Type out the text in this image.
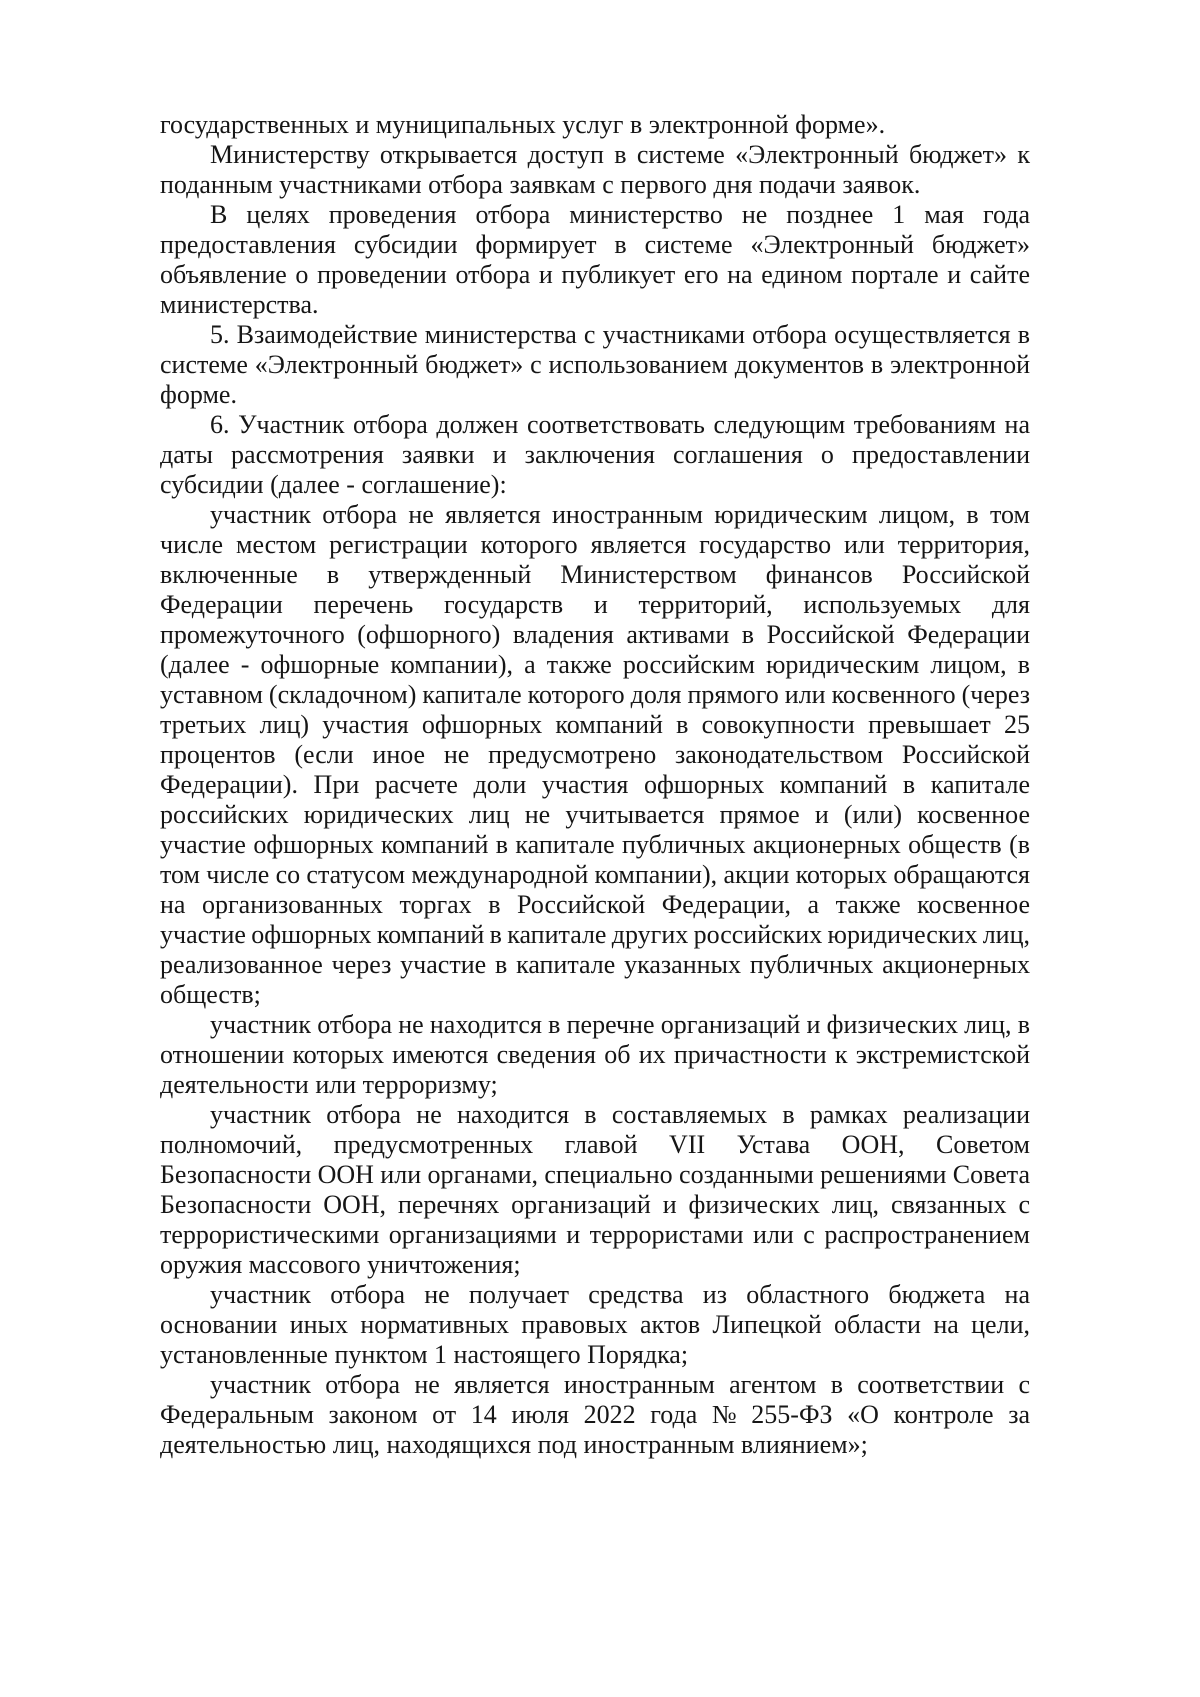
государственных и муниципальных услуг в электронной форме».
Министерству открывается доступ в системе «Электронный бюджет» к
поданным участниками отбора заявкам с первого дня подачи заявок.
В целях проведения отбора министерство не позднее 1 мая года
предоставления субсидии формирует в системе «Электронный бюджет»
объявление о проведении отбора и публикует его на едином портале и сайте
министерства.
5. Взаимодействие министерства с участниками отбора осуществляется в
системе «Электронный бюджет» с использованием документов в электронной
форме.
6. Участник отбора должен соответствовать следующим требованиям на
даты рассмотрения заявки и заключения соглашения о предоставлении
субсидии (далее - соглашение):
участник отбора не является иностранным юридическим лицом, в том
числе местом регистрации которого является государство или территория,
включенные в утвержденный Министерством финансов Российской
Федерации перечень государств и территорий, используемых для
промежуточного (офшорного) владения активами в Российской Федерации
(далее - офшорные компании), а также российским юридическим лицом, в
уставном (складочном) капитале которого доля прямого или косвенного (через
третьих лиц) участия офшорных компаний в совокупности превышает 25
процентов (если иное не предусмотрено законодательством Российской
Федерации). При расчете доли участия офшорных компаний в капитале
российских юридических лиц не учитывается прямое и (или) косвенное
участие офшорных компаний в капитале публичных акционерных обществ (в
том числе со статусом международной компании), акции которых обращаются
на организованных торгах в Российской Федерации, а также косвенное
участие офшорных компаний в капитале других российских юридических лиц,
реализованное через участие в капитале указанных публичных акционерных
обществ;
участник отбора не находится в перечне организаций и физических лиц, в
отношении которых имеются сведения об их причастности к экстремистской
деятельности или терроризму;
участник отбора не находится в составляемых в рамках реализации
полномочий, предусмотренных главой VII Устава ООН, Советом
Безопасности ООН или органами, специально созданными решениями Совета
Безопасности ООН, перечнях организаций и физических лиц, связанных с
террористическими организациями и террористами или с распространением
оружия массового уничтожения;
участник отбора не получает средства из областного бюджета на
основании иных нормативных правовых актов Липецкой области на цели,
установленные пунктом 1 настоящего Порядка;
участник отбора не является иностранным агентом в соответствии с
Федеральным законом от 14 июля 2022 года № 255-ФЗ «О контроле за
деятельностью лиц, находящихся под иностранным влиянием»;
